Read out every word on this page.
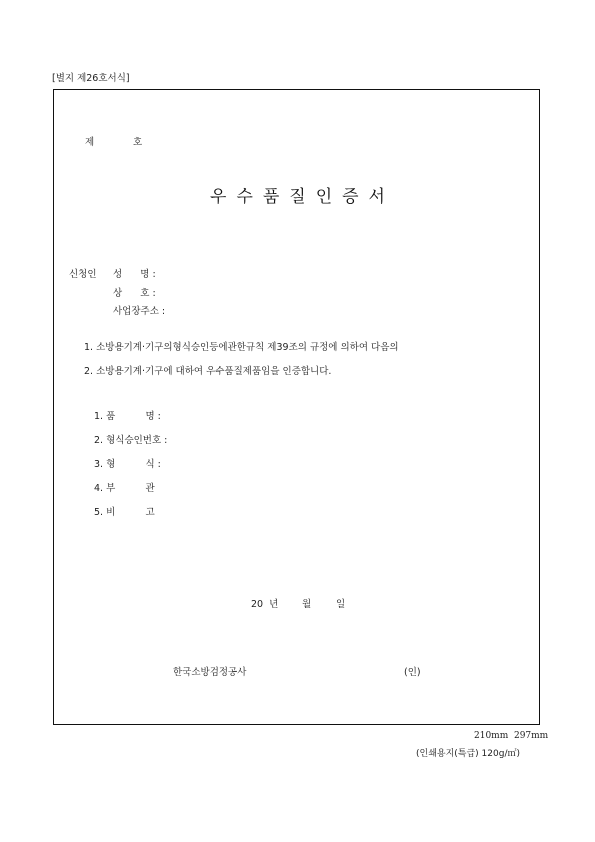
[별지 제26호서식]
제	호
우수품질인증서
신청인 성      명 :
상      호 :
사업장주소 :
1. 소방용기계·기구의형식승인등에관한규칙 제39조의 규정에 의하여 다음의
2. 소방용기계·기구에 대하여 우수품질제품임을 인증합니다.
1. 품          명 :
2. 형식승인번호 :
3. 형          식 :
4. 부          관
5. 비          고
20  년 월	일
한국소방검정공사	(인)
210mm  297mm
(인쇄용지(특급) 120g/㎡)
